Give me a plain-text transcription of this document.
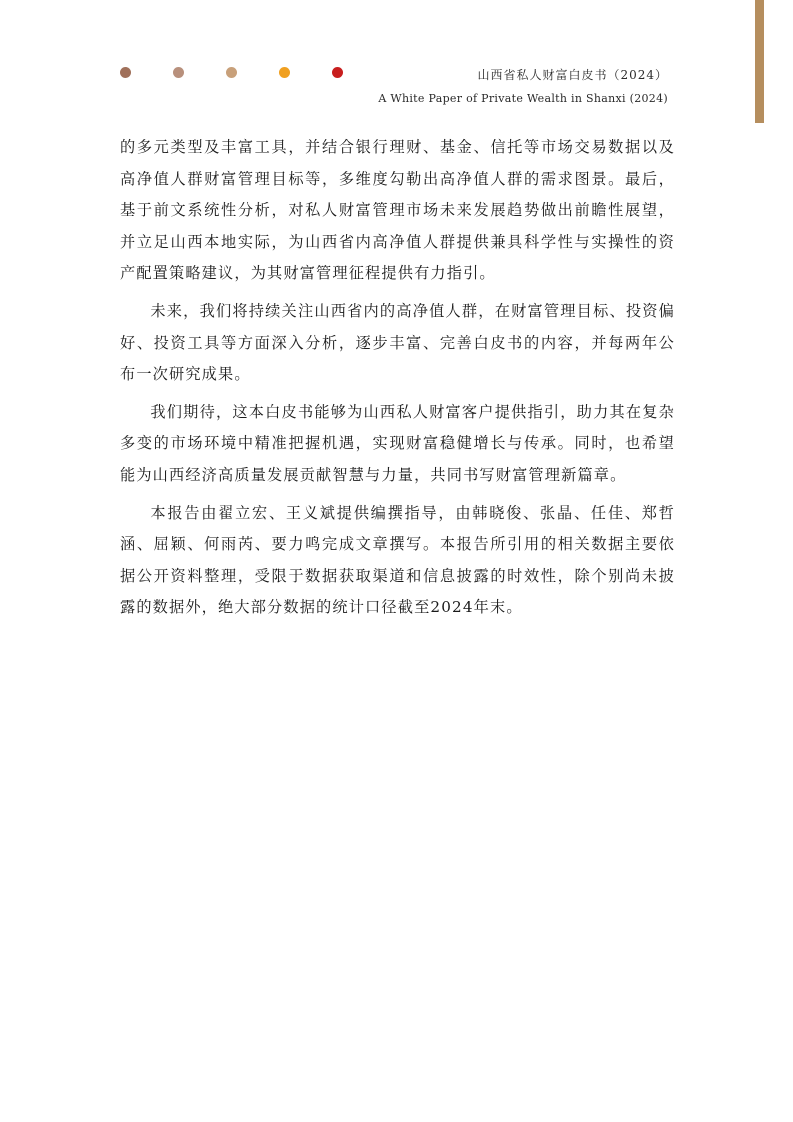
山西省私人财富白皮书（2024）
A White Paper of Private Wealth in Shanxi (2024)

的多元类型及丰富工具，并结合银行理财、基金、信托等市场交易数据以及高净值人群财富管理目标等，多维度勾勒出高净值人群的需求图景。最后，基于前文系统性分析，对私人财富管理市场未来发展趋势做出前瞻性展望，并立足山西本地实际，为山西省内高净值人群提供兼具科学性与实操性的资产配置策略建议，为其财富管理征程提供有力指引。

未来，我们将持续关注山西省内的高净值人群，在财富管理目标、投资偏好、投资工具等方面深入分析，逐步丰富、完善白皮书的内容，并每两年公布一次研究成果。

我们期待，这本白皮书能够为山西私人财富客户提供指引，助力其在复杂多变的市场环境中精准把握机遇，实现财富稳健增长与传承。同时，也希望能为山西经济高质量发展贡献智慧与力量，共同书写财富管理新篇章。

本报告由翟立宏、王义斌提供编撰指导，由韩晓俊、张晶、任佳、郑哲涵、屈颖、何雨芮、要力鸣完成文章撰写。本报告所引用的相关数据主要依据公开资料整理，受限于数据获取渠道和信息披露的时效性，除个别尚未披露的数据外，绝大部分数据的统计口径截至2024年末。
